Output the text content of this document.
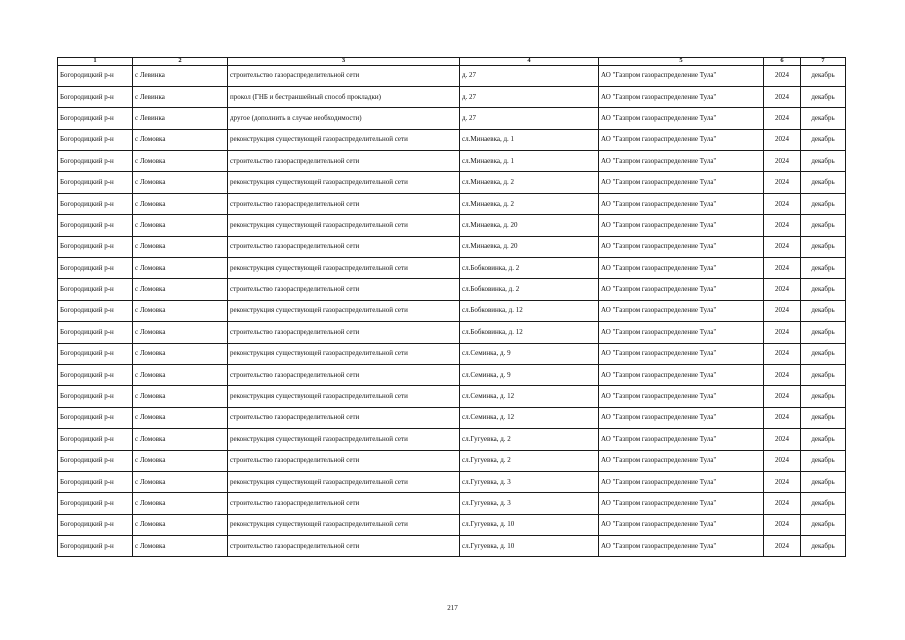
1	2	3	4	5	6	7
Богородицкий р-н	с Левинка	строительство газораспределительной сети	д. 27	АО "Газпром газораспределение Тула"	2024	декабрь
Богородицкий р-н	с Левинка	прокол (ГНБ и бестраншейный способ прокладки)	д. 27	АО "Газпром газораспределение Тула"	2024	декабрь
Богородицкий р-н	с Левинка	другое (дополнить в случае необходимости)	д. 27	АО "Газпром газораспределение Тула"	2024	декабрь
Богородицкий р-н	с Ломовка	реконструкция существующей газораспределительной сети	сл.Минаевка, д. 1	АО "Газпром газораспределение Тула"	2024	декабрь
Богородицкий р-н	с Ломовка	строительство газораспределительной сети	сл.Минаевка, д. 1	АО "Газпром газораспределение Тула"	2024	декабрь
Богородицкий р-н	с Ломовка	реконструкция существующей газораспределительной сети	сл.Минаевка, д. 2	АО "Газпром газораспределение Тула"	2024	декабрь
Богородицкий р-н	с Ломовка	строительство газораспределительной сети	сл.Минаевка, д. 2	АО "Газпром газораспределение Тула"	2024	декабрь
Богородицкий р-н	с Ломовка	реконструкция существующей газораспределительной сети	сл.Минаевка, д. 20	АО "Газпром газораспределение Тула"	2024	декабрь
Богородицкий р-н	с Ломовка	строительство газораспределительной сети	сл.Минаевка, д. 20	АО "Газпром газораспределение Тула"	2024	декабрь
Богородицкий р-н	с Ломовка	реконструкция существующей газораспределительной сети	сл.Бобковинка, д. 2	АО "Газпром газораспределение Тула"	2024	декабрь
Богородицкий р-н	с Ломовка	строительство газораспределительной сети	сл.Бобковинка, д. 2	АО "Газпром газораспределение Тула"	2024	декабрь
Богородицкий р-н	с Ломовка	реконструкция существующей газораспределительной сети	сл.Бобковинка, д. 12	АО "Газпром газораспределение Тула"	2024	декабрь
Богородицкий р-н	с Ломовка	строительство газораспределительной сети	сл.Бобковинка, д. 12	АО "Газпром газораспределение Тула"	2024	декабрь
Богородицкий р-н	с Ломовка	реконструкция существующей газораспределительной сети	сл.Семинка, д. 9	АО "Газпром газораспределение Тула"	2024	декабрь
Богородицкий р-н	с Ломовка	строительство газораспределительной сети	сл.Семинка, д. 9	АО "Газпром газораспределение Тула"	2024	декабрь
Богородицкий р-н	с Ломовка	реконструкция существующей газораспределительной сети	сл.Семинка, д. 12	АО "Газпром газораспределение Тула"	2024	декабрь
Богородицкий р-н	с Ломовка	строительство газораспределительной сети	сл.Семинка, д. 12	АО "Газпром газораспределение Тула"	2024	декабрь
Богородицкий р-н	с Ломовка	реконструкция существующей газораспределительной сети	сл.Гугуевка, д. 2	АО "Газпром газораспределение Тула"	2024	декабрь
Богородицкий р-н	с Ломовка	строительство газораспределительной сети	сл.Гугуевка, д. 2	АО "Газпром газораспределение Тула"	2024	декабрь
Богородицкий р-н	с Ломовка	реконструкция существующей газораспределительной сети	сл.Гугуевка, д. 3	АО "Газпром газораспределение Тула"	2024	декабрь
Богородицкий р-н	с Ломовка	строительство газораспределительной сети	сл.Гугуевка, д. 3	АО "Газпром газораспределение Тула"	2024	декабрь
Богородицкий р-н	с Ломовка	реконструкция существующей газораспределительной сети	сл.Гугуевка, д. 10	АО "Газпром газораспределение Тула"	2024	декабрь
Богородицкий р-н	с Ломовка	строительство газораспределительной сети	сл.Гугуевка, д. 10	АО "Газпром газораспределение Тула"	2024	декабрь
217
